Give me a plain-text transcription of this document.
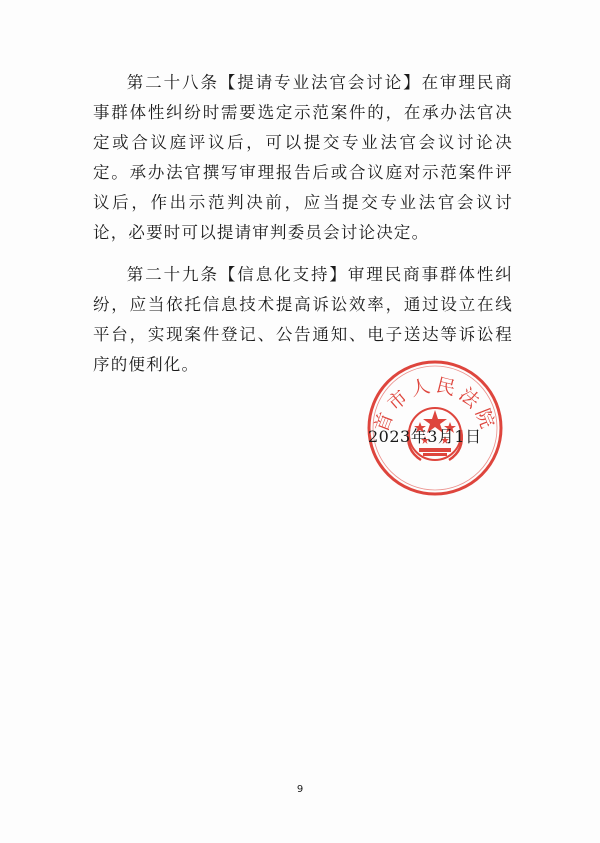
第二十八条【提请专业法官会讨论】在审理民商事群体性纠纷时需要选定示范案件的，在承办法官决定或合议庭评议后，可以提交专业法官会议讨论决定。承办法官撰写审理报告后或合议庭对示范案件评议后，作出示范判决前，应当提交专业法官会议讨论，必要时可以提请审判委员会讨论决定。

第二十九条【信息化支持】审理民商事群体性纠纷，应当依托信息技术提高诉讼效率，通过设立在线平台，实现案件登记、公告通知、电子送达等诉讼程序的便利化。

首市人民法院
2023年3月1日
9
